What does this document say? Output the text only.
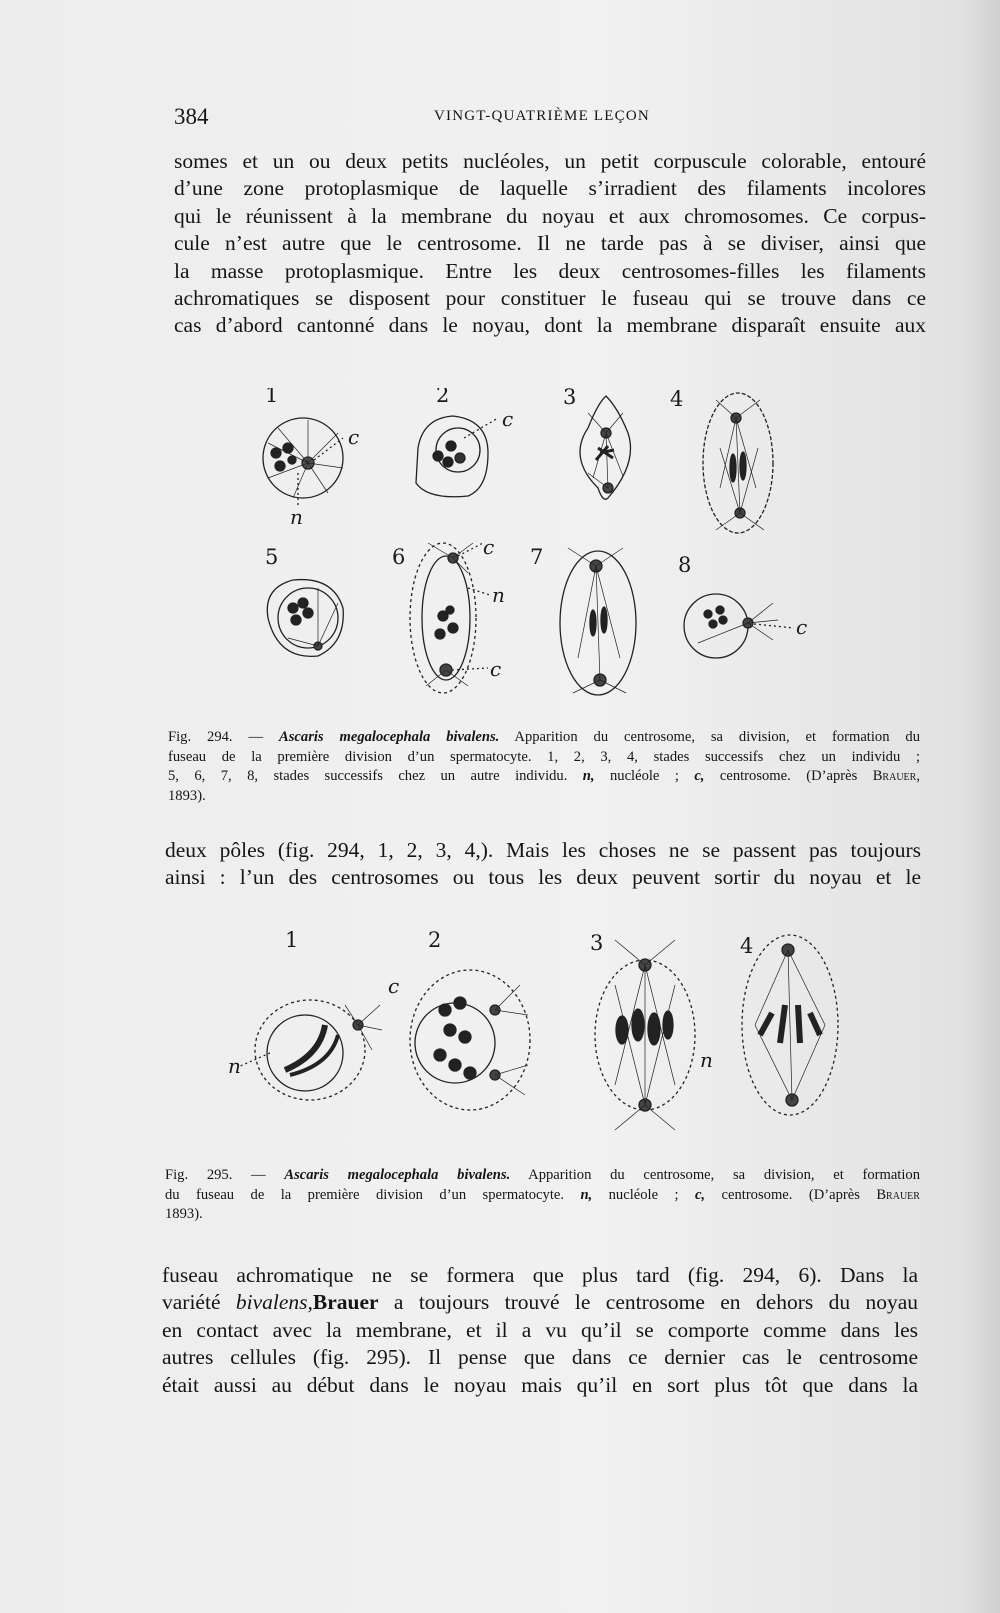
384	VINGT-QUATRIÈME LEÇON
somes et un ou deux petits nucléoles, un petit corpuscule colorable, entouré
d’une zone protoplasmique de laquelle s’irradient des filaments incolores
qui le réunissent à la membrane du noyau et aux chromosomes. Ce corpus-
cule n’est autre que le centrosome. Il ne tarde pas à se diviser, ainsi que
la masse protoplasmique. Entre les deux centrosomes-filles les filaments
achromatiques se disposent pour constituer le fuseau qui se trouve dans ce
cas d’abord cantonné dans le noyau, dont la membrane disparaît ensuite aux
1	2	3	4
5	6	7	8
c
n
c
c
n
c
c
Fig. 294. — Ascaris megalocephala bivalens. Apparition du centrosome, sa division, et formation du
fuseau de la première division d’un spermatocyte. 1, 2, 3, 4, stades successifs chez un individu ;
5, 6, 7, 8, stades successifs chez un autre individu. n, nucléole ; c, centrosome. (D’après Brauer,
1893).
deux pôles (fig. 294, 1, 2, 3, 4,). Mais les choses ne se passent pas toujours
ainsi : l’un des centrosomes ou tous les deux peuvent sortir du noyau et le
1	2	3	4
c
n	n
Fig. 295. — Ascaris megalocephala bivalens. Apparition du centrosome, sa division, et formation
du fuseau de la première division d’un spermatocyte. n, nucléole ; c, centrosome. (D’après Brauer
1893).
fuseau achromatique ne se formera que plus tard (fig. 294, 6). Dans la
variété bivalens,Brauer a toujours trouvé le centrosome en dehors du noyau
en contact avec la membrane, et il a vu qu’il se comporte comme dans les
autres cellules (fig. 295). Il pense que dans ce dernier cas le centrosome
était aussi au début dans le noyau mais qu’il en sort plus tôt que dans la
